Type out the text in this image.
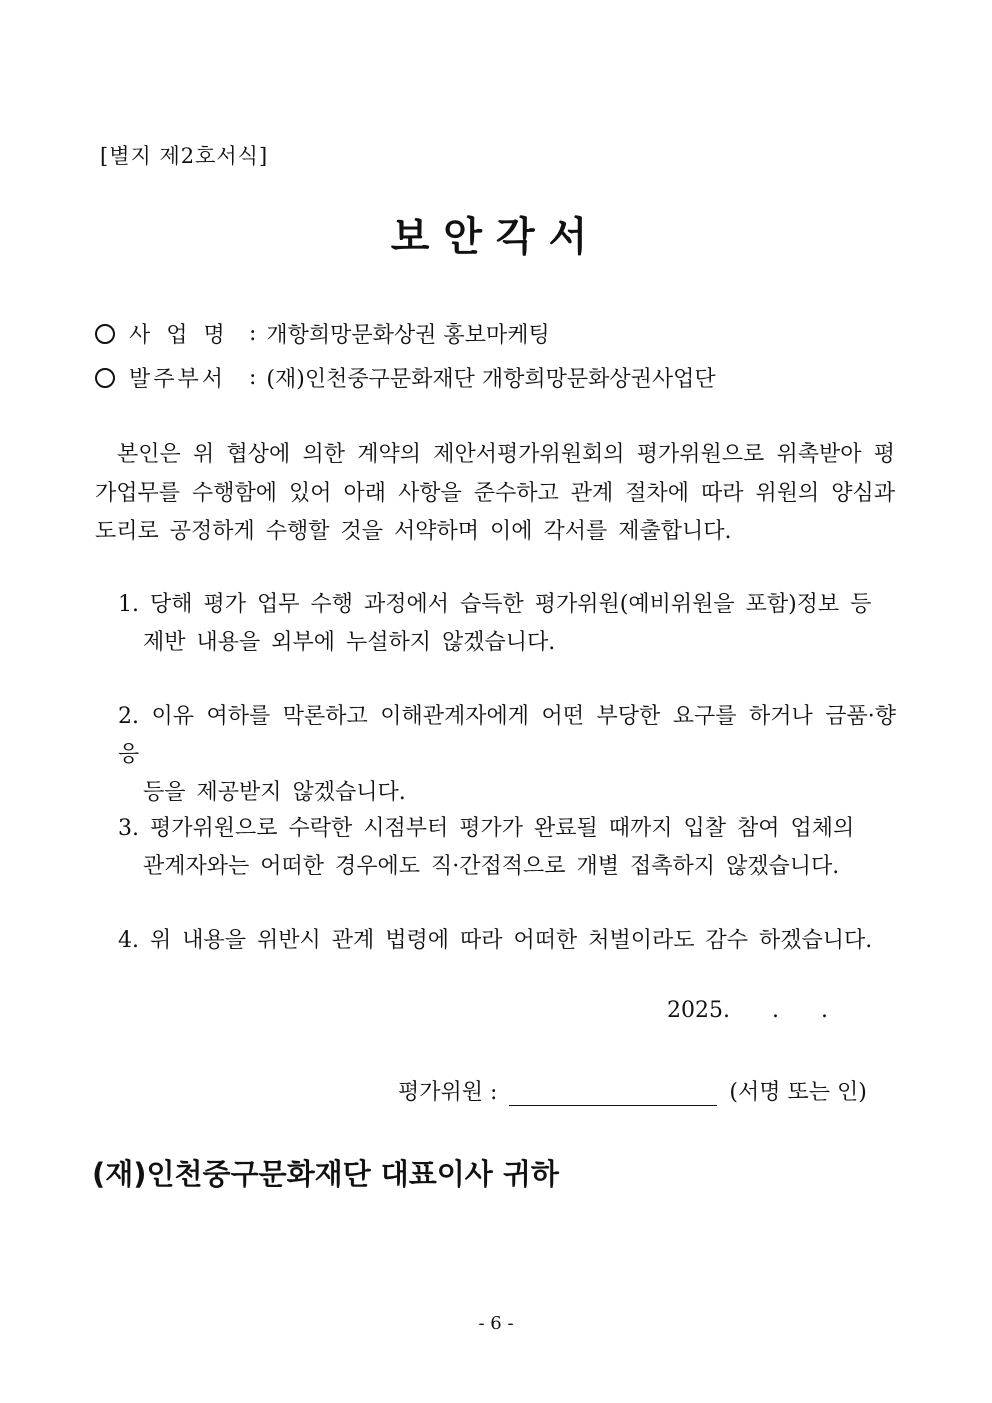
[별지 제2호서식]
보안각서
사업명 : 개항희망문화상권 홍보마케팅
발주부서	: (재)인천중구문화재단 개항희망문화상권사업단
본인은 위 협상에 의한 계약의 제안서평가위원회의 평가위원으로 위촉받아 평가업무를 수행함에 있어 아래 사항을 준수하고 관계 절차에 따라 위원의 양심과 도리로 공정하게 수행할 것을 서약하며 이에 각서를 제출합니다.
1. 당해 평가 업무 수행 과정에서 습득한 평가위원(예비위원을 포함)정보 등
제반 내용을 외부에 누설하지 않겠습니다.
2. 이유 여하를 막론하고 이해관계자에게 어떤 부당한 요구를 하거나 금품·향응
등을 제공받지 않겠습니다.
3. 평가위원으로 수락한 시점부터 평가가 완료될 때까지 입찰 참여 업체의
관계자와는 어떠한 경우에도 직·간접적으로 개별 접촉하지 않겠습니다.
4. 위 내용을 위반시 관계 법령에 따라 어떠한 처벌이라도 감수 하겠습니다.
2025. . .
평가위원 :	(서명 또는 인)
(재)인천중구문화재단 대표이사 귀하
- 6 -
